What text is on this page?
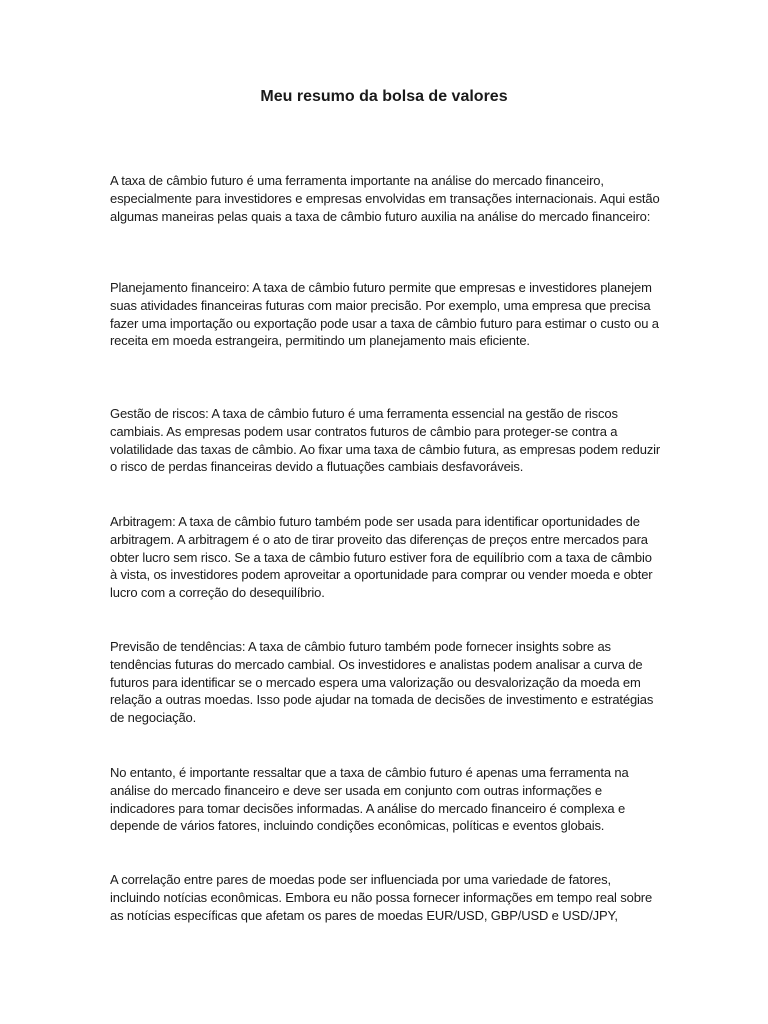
Meu resumo da bolsa de valores

A taxa de câmbio futuro é uma ferramenta importante na análise do mercado financeiro, especialmente para investidores e empresas envolvidas em transações internacionais. Aqui estão algumas maneiras pelas quais a taxa de câmbio futuro auxilia na análise do mercado financeiro:

Planejamento financeiro: A taxa de câmbio futuro permite que empresas e investidores planejem suas atividades financeiras futuras com maior precisão. Por exemplo, uma empresa que precisa fazer uma importação ou exportação pode usar a taxa de câmbio futuro para estimar o custo ou a receita em moeda estrangeira, permitindo um planejamento mais eficiente.

Gestão de riscos: A taxa de câmbio futuro é uma ferramenta essencial na gestão de riscos cambiais. As empresas podem usar contratos futuros de câmbio para proteger-se contra a volatilidade das taxas de câmbio. Ao fixar uma taxa de câmbio futura, as empresas podem reduzir o risco de perdas financeiras devido a flutuações cambiais desfavoráveis.

Arbitragem: A taxa de câmbio futuro também pode ser usada para identificar oportunidades de arbitragem. A arbitragem é o ato de tirar proveito das diferenças de preços entre mercados para obter lucro sem risco. Se a taxa de câmbio futuro estiver fora de equilíbrio com a taxa de câmbio à vista, os investidores podem aproveitar a oportunidade para comprar ou vender moeda e obter lucro com a correção do desequilíbrio.

Previsão de tendências: A taxa de câmbio futuro também pode fornecer insights sobre as tendências futuras do mercado cambial. Os investidores e analistas podem analisar a curva de futuros para identificar se o mercado espera uma valorização ou desvalorização da moeda em relação a outras moedas. Isso pode ajudar na tomada de decisões de investimento e estratégias de negociação.

No entanto, é importante ressaltar que a taxa de câmbio futuro é apenas uma ferramenta na análise do mercado financeiro e deve ser usada em conjunto com outras informações e indicadores para tomar decisões informadas. A análise do mercado financeiro é complexa e depende de vários fatores, incluindo condições econômicas, políticas e eventos globais.

A correlação entre pares de moedas pode ser influenciada por uma variedade de fatores, incluindo notícias econômicas. Embora eu não possa fornecer informações em tempo real sobre as notícias específicas que afetam os pares de moedas EUR/USD, GBP/USD e USD/JPY,
